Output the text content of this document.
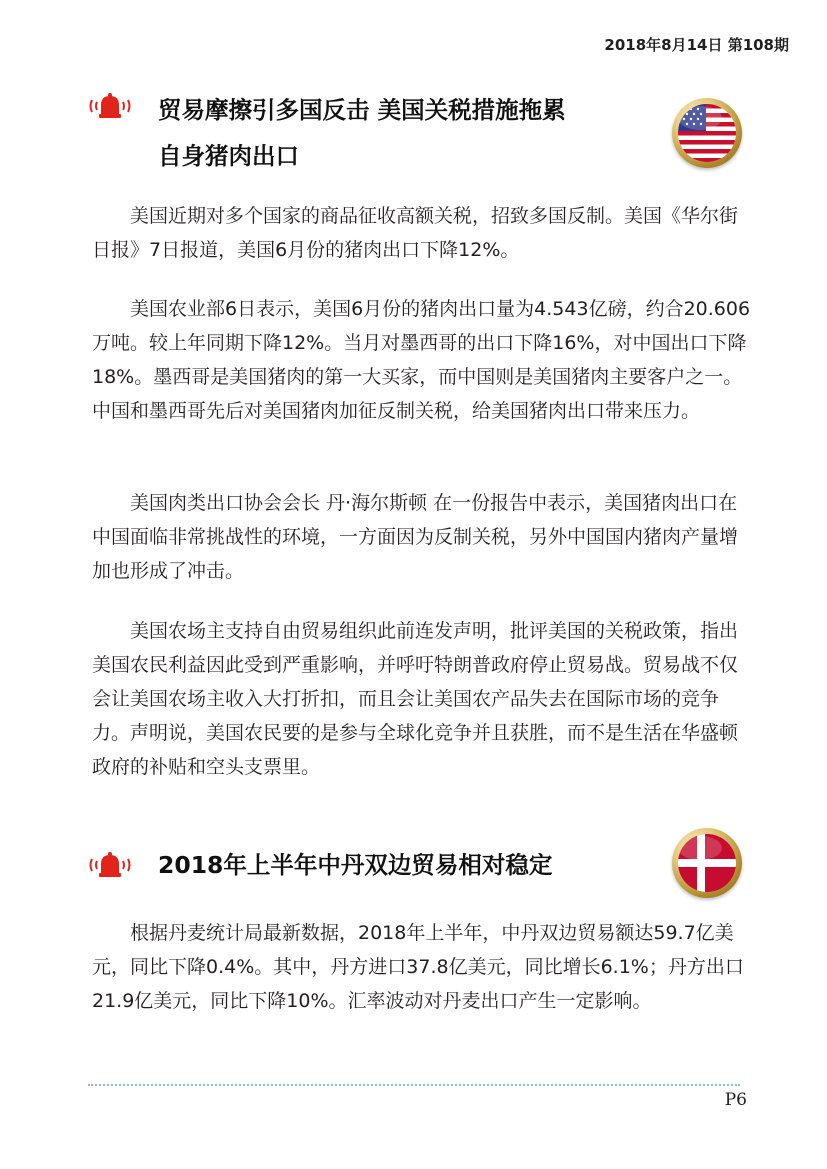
2018年8月14日 第108期
贸易摩擦引多国反击 美国关税措施拖累
自身猪肉出口

美国近期对多个国家的商品征收高额关税，招致多国反制。美国《华尔街日报》7日报道，美国6月份的猪肉出口下降12%。

美国农业部6日表示，美国6月份的猪肉出口量为4.543亿磅，约合20.606万吨。较上年同期下降12%。当月对墨西哥的出口下降16%，对中国出口下降18%。墨西哥是美国猪肉的第一大买家，而中国则是美国猪肉主要客户之一。中国和墨西哥先后对美国猪肉加征反制关税，给美国猪肉出口带来压力。

美国肉类出口协会会长 丹·海尔斯顿 在一份报告中表示，美国猪肉出口在中国面临非常挑战性的环境，一方面因为反制关税，另外中国国内猪肉产量增加也形成了冲击。

美国农场主支持自由贸易组织此前连发声明，批评美国的关税政策，指出美国农民利益因此受到严重影响，并呼吁特朗普政府停止贸易战。贸易战不仅会让美国农场主收入大打折扣，而且会让美国农产品失去在国际市场的竞争力。声明说，美国农民要的是参与全球化竞争并且获胜，而不是生活在华盛顿政府的补贴和空头支票里。

2018年上半年中丹双边贸易相对稳定

根据丹麦统计局最新数据，2018年上半年，中丹双边贸易额达59.7亿美元，同比下降0.4%。其中，丹方进口37.8亿美元，同比增长6.1%；丹方出口21.9亿美元，同比下降10%。汇率波动对丹麦出口产生一定影响。

P6
